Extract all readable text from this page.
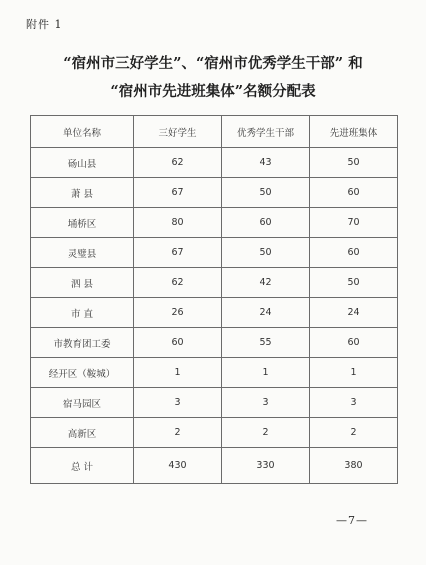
附件 1
“宿州市三好学生”、“宿州市优秀学生干部” 和
“宿州市先进班集体”名额分配表
单位名称	三好学生	优秀学生干部	先进班集体
砀山县	62	43	50
萧 县	67	50	60
埇桥区	80	60	70
灵璧县	67	50	60
泗 县	62	42	50
市 直	26	24	24
市教育团工委	60	55	60
经开区（鞍城）	1	1	1
宿马园区	3	3	3
高新区	2	2	2
总 计	430	330	380
—7—
